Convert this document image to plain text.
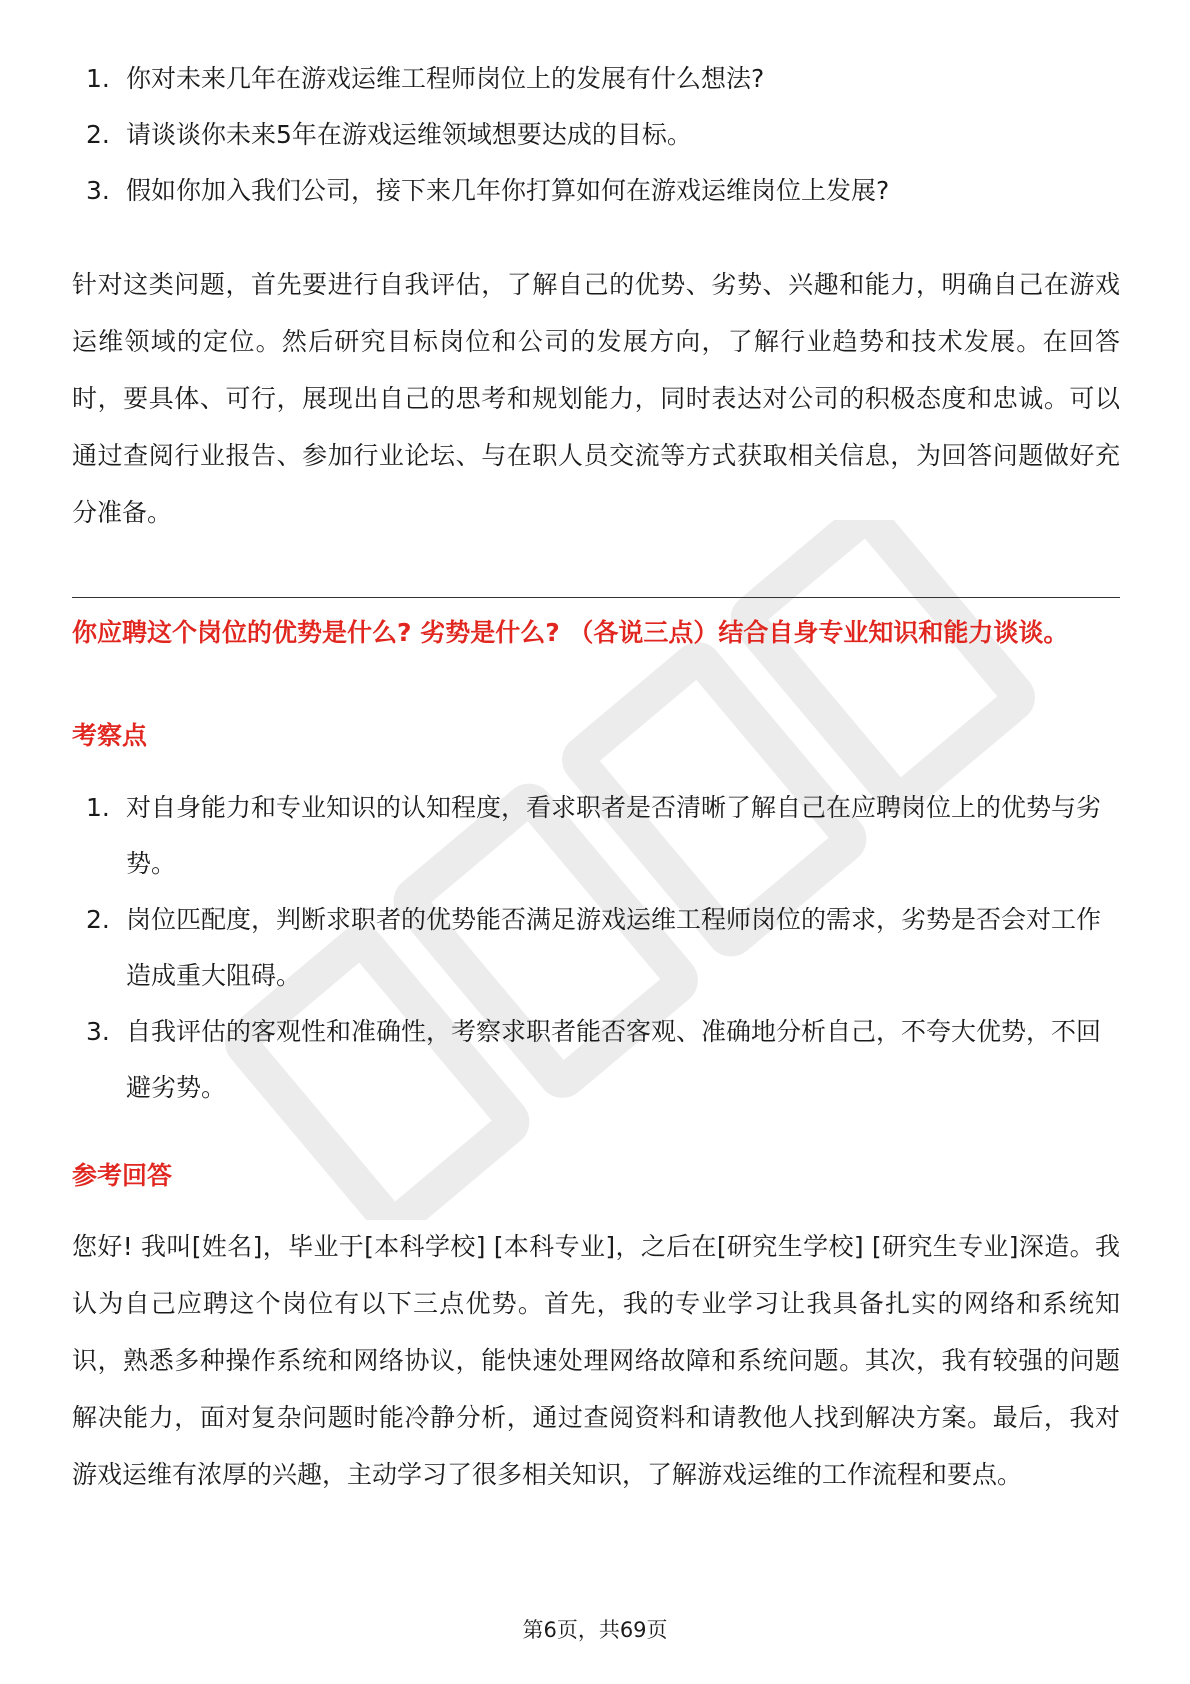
1. 你对未来几年在游戏运维工程师岗位上的发展有什么想法?
2. 请谈谈你未来5年在游戏运维领域想要达成的目标。
3. 假如你加入我们公司，接下来几年你打算如何在游戏运维岗位上发展?

针对这类问题，首先要进行自我评估，了解自己的优势、劣势、兴趣和能力，明确自己在游戏运维领域的定位。然后研究目标岗位和公司的发展方向，了解行业趋势和技术发展。在回答时，要具体、可行，展现出自己的思考和规划能力，同时表达对公司的积极态度和忠诚。可以通过查阅行业报告、参加行业论坛、与在职人员交流等方式获取相关信息，为回答问题做好充分准备。

你应聘这个岗位的优势是什么? 劣势是什么? （各说三点）结合自身专业知识和能力谈谈。
考察点
1. 对自身能力和专业知识的认知程度，看求职者是否清晰了解自己在应聘岗位上的优势与劣势。
2. 岗位匹配度，判断求职者的优势能否满足游戏运维工程师岗位的需求，劣势是否会对工作造成重大阻碍。
3. 自我评估的客观性和准确性，考察求职者能否客观、准确地分析自己，不夸大优势，不回避劣势。
参考回答

您好! 我叫[姓名]，毕业于[本科学校] [本科专业]，之后在[研究生学校] [研究生专业]深造。我认为自己应聘这个岗位有以下三点优势。首先，我的专业学习让我具备扎实的网络和系统知识，熟悉多种操作系统和网络协议，能快速处理网络故障和系统问题。其次，我有较强的问题解决能力，面对复杂问题时能冷静分析，通过查阅资料和请教他人找到解决方案。最后，我对游戏运维有浓厚的兴趣，主动学习了很多相关知识，了解游戏运维的工作流程和要点。

第6页，共69页
